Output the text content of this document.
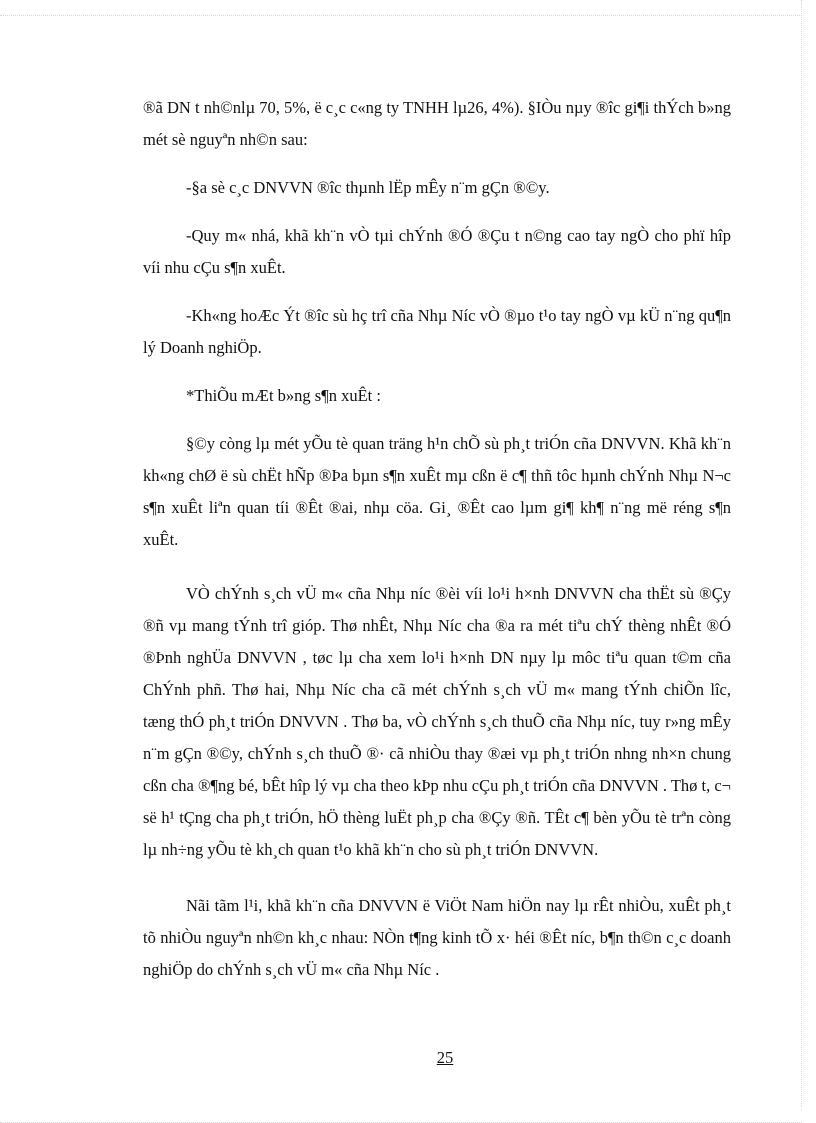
®ã DN t nh©nlµ 70, 5%, ë c¸c c«ng ty TNHH lµ26, 4%). §IÒu nµy ®îc gi¶i thÝch b»ng mét sè nguyªn nh©n sau:

-§a sè c¸c DNVVN ®îc thµnh lËp mÊy n¨m gÇn ®©y.

-Quy m« nhá, khã kh¨n vÒ tµi chÝnh ®Ó ®Çu t n©ng cao tay ngÒ cho phï hîp víi nhu cÇu s¶n xuÊt.

-Kh«ng hoÆc Ýt ®îc sù hç trî cña Nhµ Níc vÒ ®µo t¹o tay ngÒ vµ kÜ n¨ng qu¶n lý Doanh nghiÖp.

*ThiÕu mÆt b»ng s¶n xuÊt :

§©y còng lµ mét yÕu tè quan träng h¹n chÕ sù ph¸t triÓn cña DNVVN. Khã kh¨n kh«ng chØ ë sù chËt hÑp ®Þa bµn s¶n xuÊt mµ cßn ë c¶ thñ tôc hµnh chÝnh Nhµ N¬c s¶n xuÊt liªn quan tíi ®Êt ®ai, nhµ cöa. Gi¸ ®Êt cao lµm gi¶ kh¶ n¨ng më réng s¶n xuÊt.

VÒ chÝnh s¸ch vÜ m« cña Nhµ níc ®èi víi lo¹i h×nh DNVVN cha thËt sù ®Çy ®ñ vµ mang tÝnh trî gióp. Thø nhÊt, Nhµ Níc cha ®a ra mét tiªu chÝ thèng nhÊt ®Ó ®Þnh nghÜa DNVVN , tøc lµ cha xem lo¹i h×nh DN nµy lµ môc tiªu quan t©m cña ChÝnh phñ. Thø hai, Nhµ Níc cha cã mét chÝnh s¸ch vÜ m« mang tÝnh chiÕn lîc, tæng thÓ ph¸t triÓn DNVVN . Thø ba, vÒ chÝnh s¸ch thuÕ cña Nhµ níc, tuy r»ng mÊy n¨m gÇn ®©y, chÝnh s¸ch thuÕ ®· cã nhiÒu thay ®æi vµ ph¸t triÓn nhng nh×n chung cßn cha ®¶ng bé, bÊt hîp lý vµ cha theo kÞp nhu cÇu ph¸t triÓn cña DNVVN . Thø t, c¬ së h¹ tÇng cha ph¸t triÓn, hÖ thèng luËt ph¸p cha ®Çy ®ñ. TÊt c¶ bèn yÕu tè trªn còng lµ nh÷ng yÕu tè kh¸ch quan t¹o khã kh¨n cho sù ph¸t triÓn DNVVN.

Nãi tãm l¹i, khã kh¨n cña DNVVN ë ViÖt Nam hiÖn nay lµ rÊt nhiÒu, xuÊt ph¸t tõ nhiÒu nguyªn nh©n kh¸c nhau: NÒn t¶ng kinh tÕ x· héi ®Êt níc, b¶n th©n c¸c doanh nghiÖp do chÝnh s¸ch vÜ m« cña Nhµ Níc .

25
